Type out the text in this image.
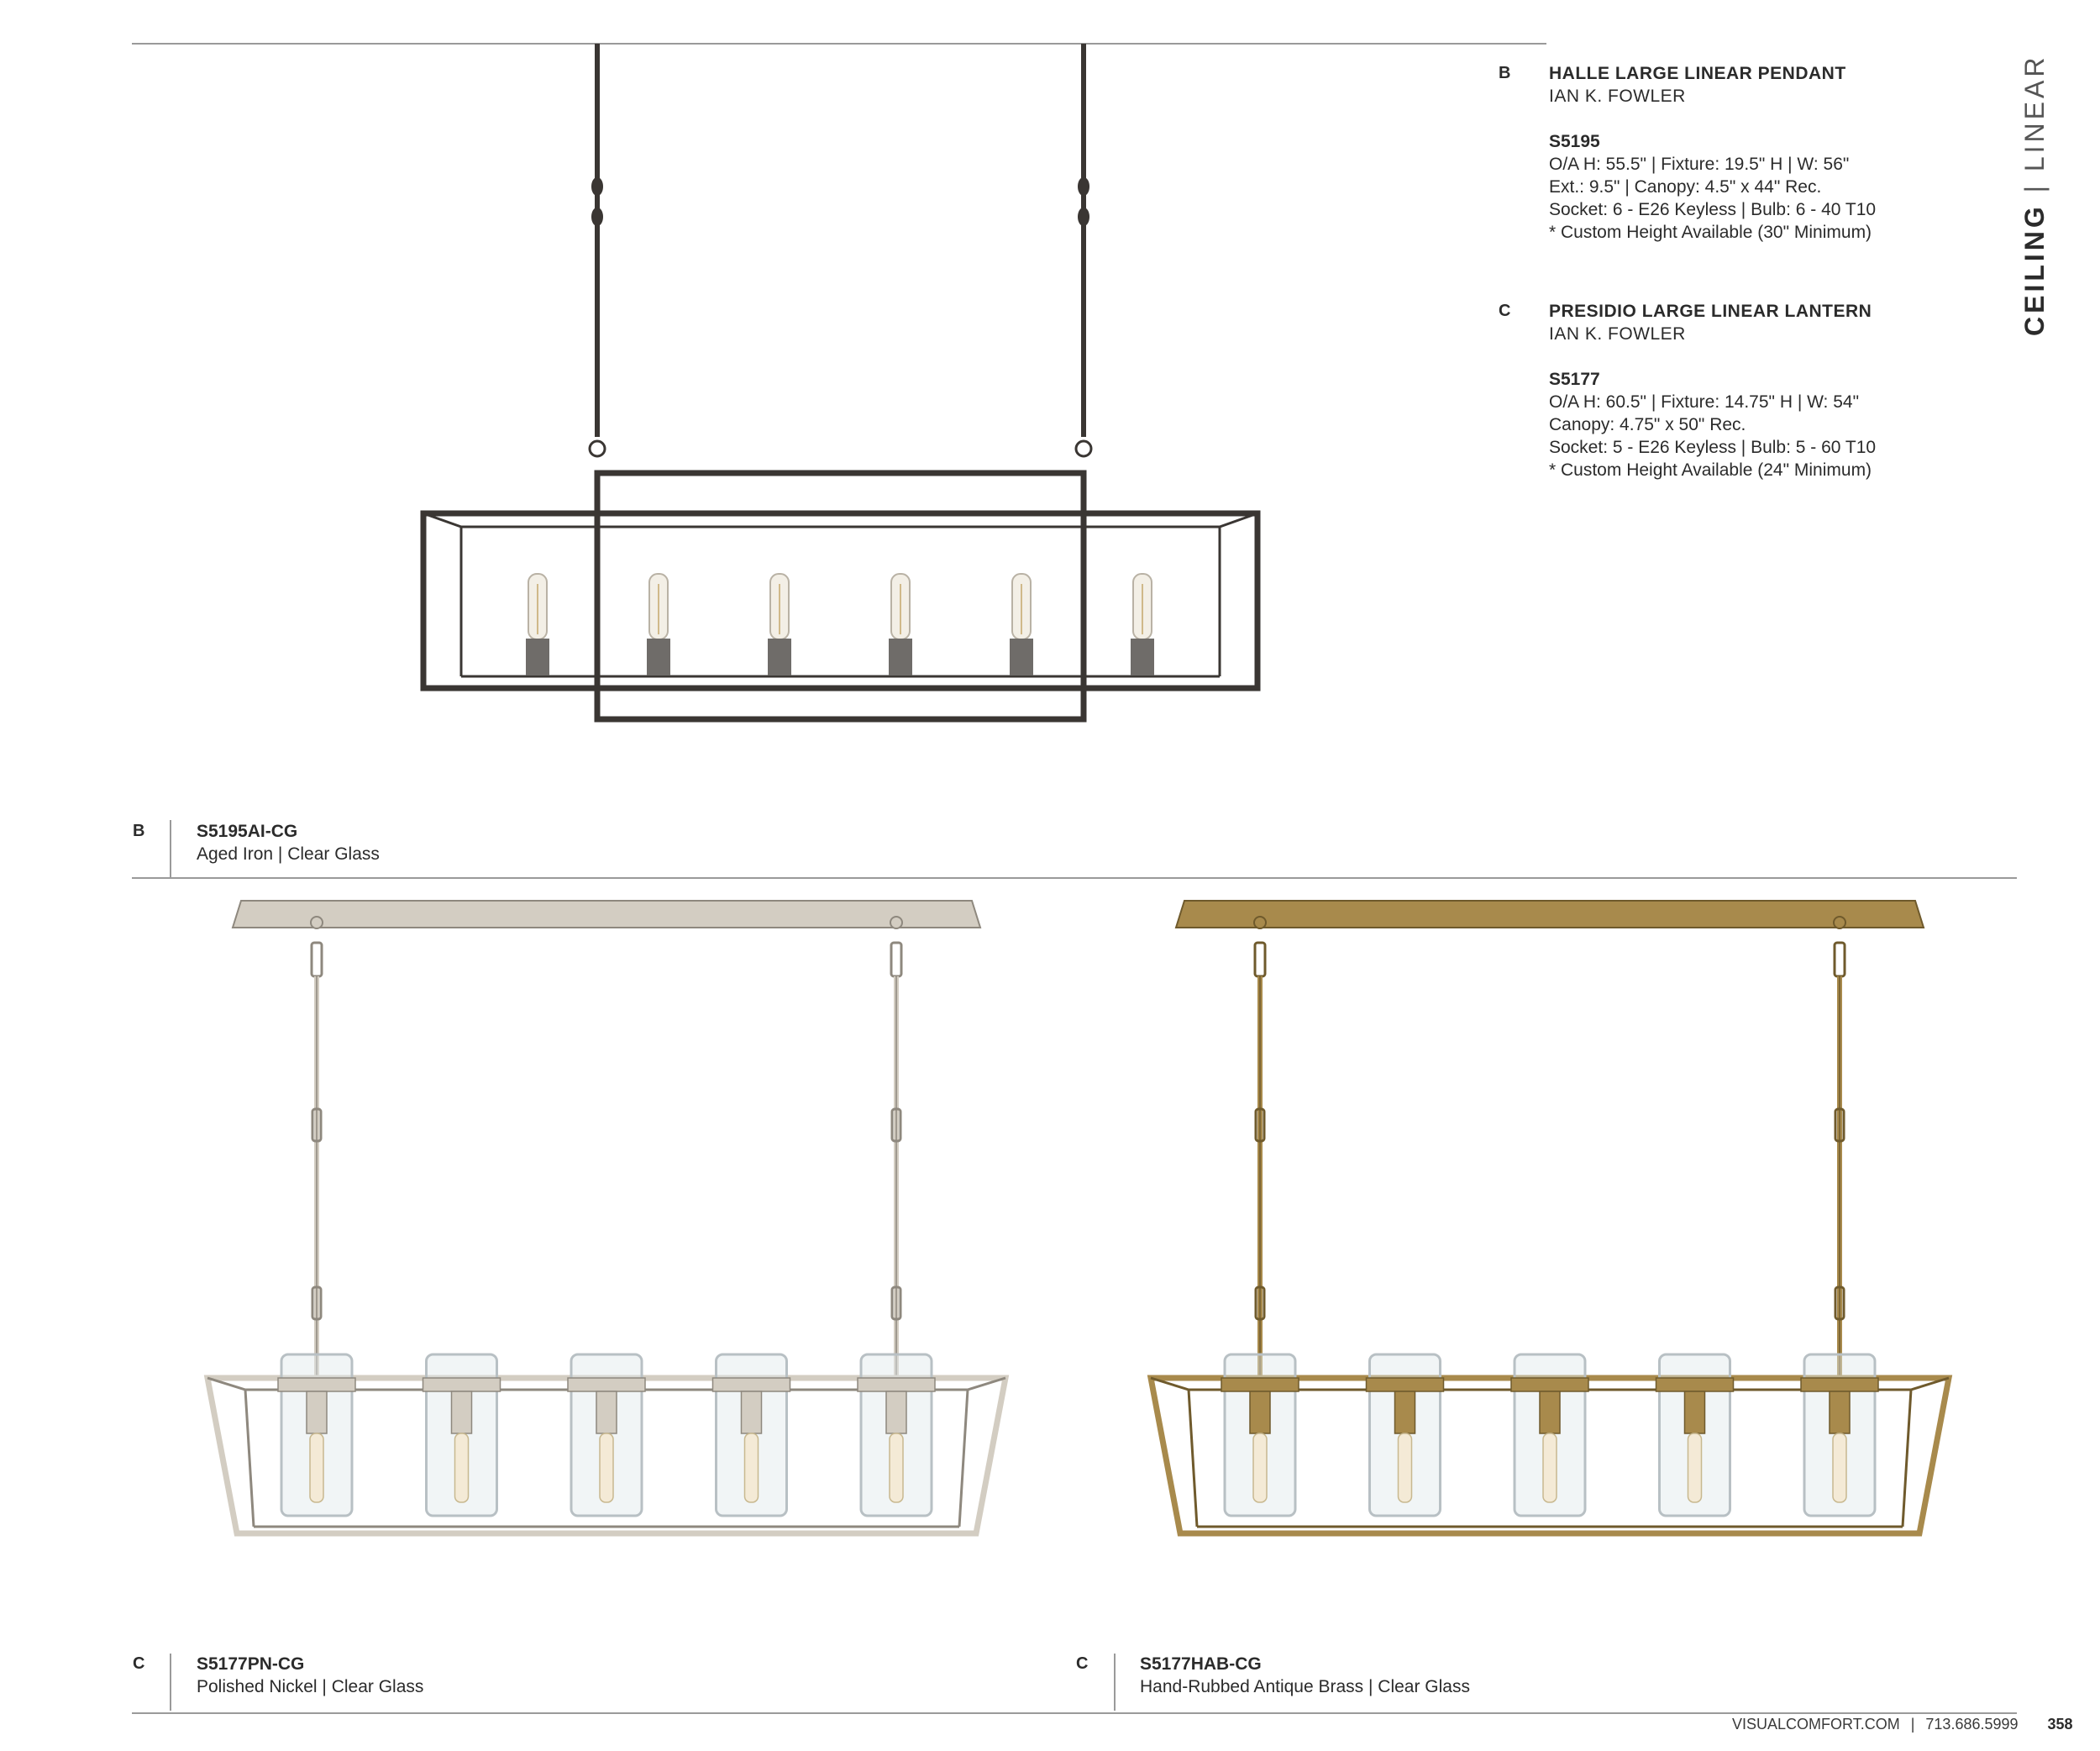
B HALLE LARGE LINEAR PENDANT
IAN K. FOWLER
S5195
O/A H: 55.5" | Fixture: 19.5" H | W: 56"
Ext.: 9.5" | Canopy: 4.5" x 44" Rec.
Socket: 6 - E26 Keyless | Bulb: 6 - 40 T10
* Custom Height Available (30" Minimum)
C PRESIDIO LARGE LINEAR LANTERN
IAN K. FOWLER
S5177
O/A H: 60.5" | Fixture: 14.75" H | W: 54"
Canopy: 4.75" x 50" Rec.
Socket: 5 - E26 Keyless | Bulb: 5 - 60 T10
* Custom Height Available (24" Minimum)
CEILING | LINEAR
B	S5195AI-CG
Aged Iron | Clear Glass
C	S5177PN-CG
Polished Nickel | Clear Glass
C	S5177HAB-CG
Hand-Rubbed Antique Brass | Clear Glass
VISUALCOMFORT.COM | 713.686.5999 358
